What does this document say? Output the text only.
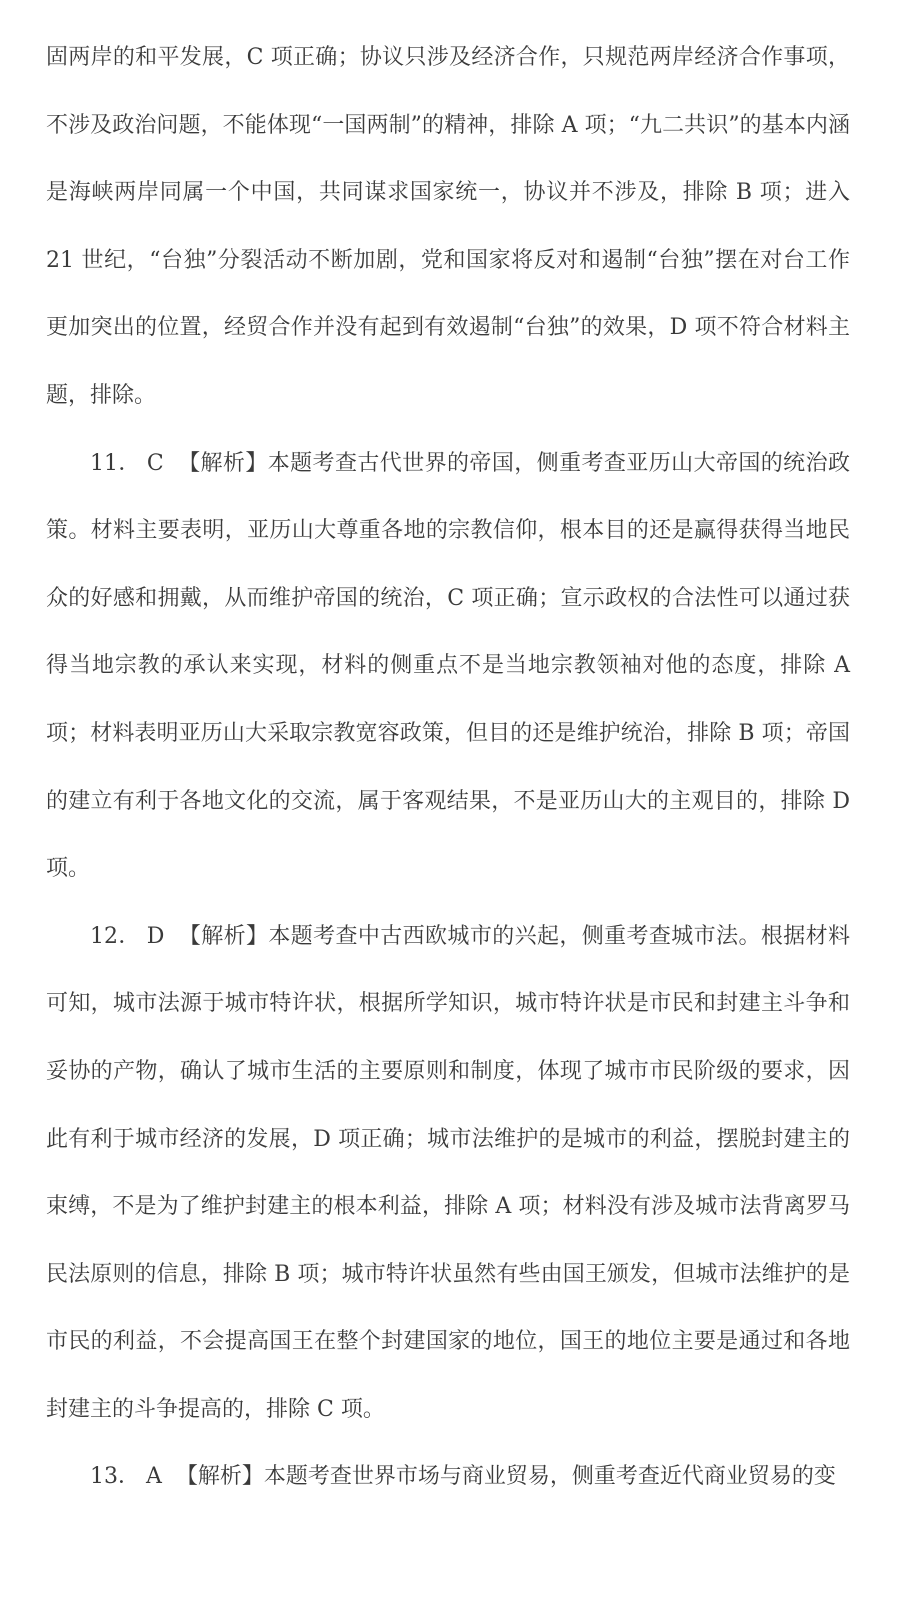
固两岸的和平发展，C 项正确；协议只涉及经济合作，只规范两岸经济合作事项，不涉及政治问题，不能体现“一国两制”的精神，排除 A 项；“九二共识”的基本内涵是海峡两岸同属一个中国，共同谋求国家统一，协议并不涉及，排除 B 项；进入 21 世纪，“台独”分裂活动不断加剧，党和国家将反对和遏制“台独”摆在对台工作更加突出的位置，经贸合作并没有起到有效遏制“台独”的效果，D 项不符合材料主题，排除。

11． C 【解析】本题考查古代世界的帝国，侧重考查亚历山大帝国的统治政策。材料主要表明，亚历山大尊重各地的宗教信仰，根本目的还是赢得获得当地民众的好感和拥戴，从而维护帝国的统治，C 项正确；宣示政权的合法性可以通过获得当地宗教的承认来实现，材料的侧重点不是当地宗教领袖对他的态度，排除 A 项；材料表明亚历山大采取宗教宽容政策，但目的还是维护统治，排除 B 项；帝国的建立有利于各地文化的交流，属于客观结果，不是亚历山大的主观目的，排除 D 项。

12． D 【解析】本题考查中古西欧城市的兴起，侧重考查城市法。根据材料可知，城市法源于城市特许状，根据所学知识，城市特许状是市民和封建主斗争和妥协的产物，确认了城市生活的主要原则和制度，体现了城市市民阶级的要求，因此有利于城市经济的发展，D 项正确；城市法维护的是城市的利益，摆脱封建主的束缚，不是为了维护封建主的根本利益，排除 A 项；材料没有涉及城市法背离罗马民法原则的信息，排除 B 项；城市特许状虽然有些由国王颁发，但城市法维护的是市民的利益，不会提高国王在整个封建国家的地位，国王的地位主要是通过和各地封建主的斗争提高的，排除 C 项。

13． A 【解析】本题考查世界市场与商业贸易，侧重考查近代商业贸易的变
